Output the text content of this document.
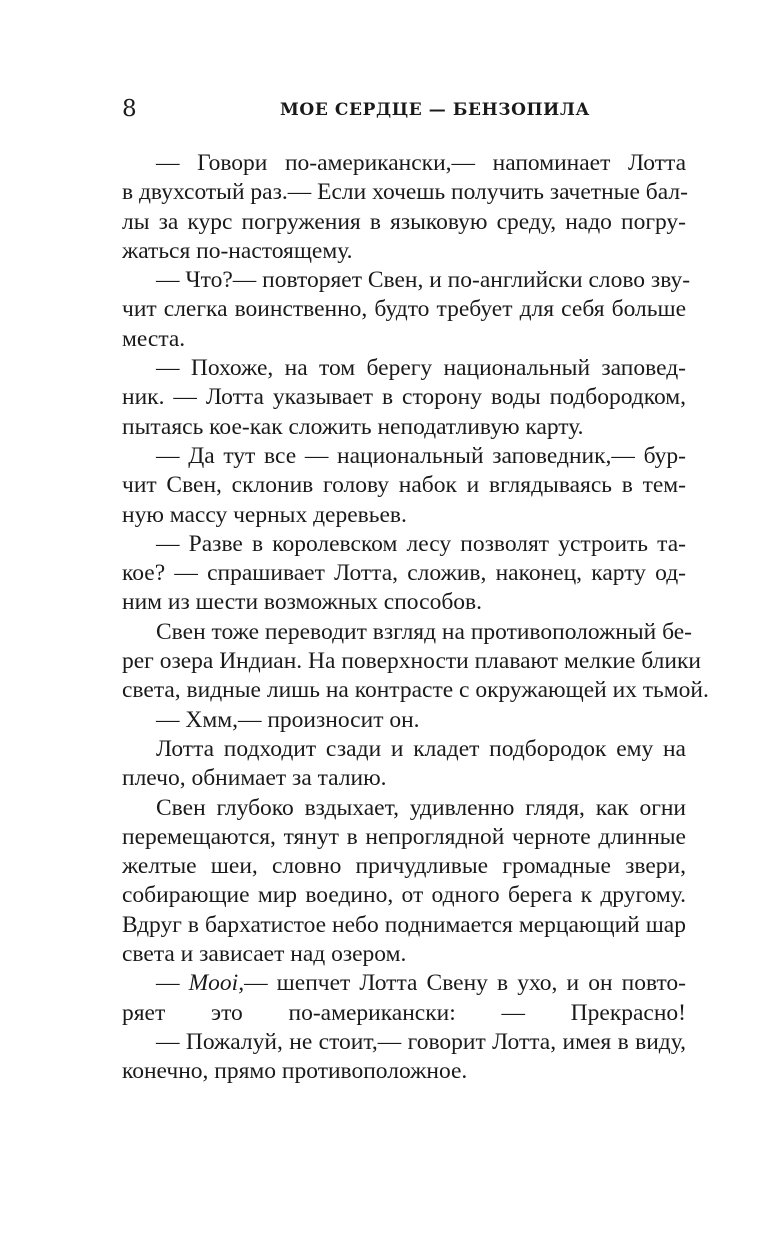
8	МОЕ СЕРДЦЕ — БЕНЗОПИЛА
— Говори по-американски,— напоминает Лотта
в двухсотый раз.— Если хочешь получить зачетные бал-
лы за курс погружения в языковую среду, надо погру-
жаться по-настоящему.
— Что?— повторяет Свен, и по-английски слово зву-
чит слегка воинственно, будто требует для себя больше
места.
— Похоже, на том берегу национальный заповед-
ник. — Лотта указывает в сторону воды подбородком,
пытаясь кое-как сложить неподатливую карту.
— Да тут все — национальный заповедник,— бур-
чит Свен, склонив голову набок и вглядываясь в тем-
ную массу черных деревьев.
— Разве в королевском лесу позволят устроить та-
кое? — спрашивает Лотта, сложив, наконец, карту од-
ним из шести возможных способов.
Свен тоже переводит взгляд на противоположный бе-
рег озера Индиан. На поверхности плавают мелкие блики
света, видные лишь на контрасте с окружающей их тьмой.
— Хмм,— произносит он.
Лотта подходит сзади и кладет подбородок ему на
плечо, обнимает за талию.
Свен глубоко вздыхает, удивленно глядя, как огни
перемещаются, тянут в непроглядной черноте длинные
желтые шеи, словно причудливые громадные звери,
собирающие мир воедино, от одного берега к другому.
Вдруг в бархатистое небо поднимается мерцающий шар
света и зависает над озером.
— Mooi,— шепчет Лотта Свену в ухо, и он повто-
ряет это по-американски: — Прекрасно!
— Пожалуй, не стоит,— говорит Лотта, имея в виду,
конечно, прямо противоположное.
